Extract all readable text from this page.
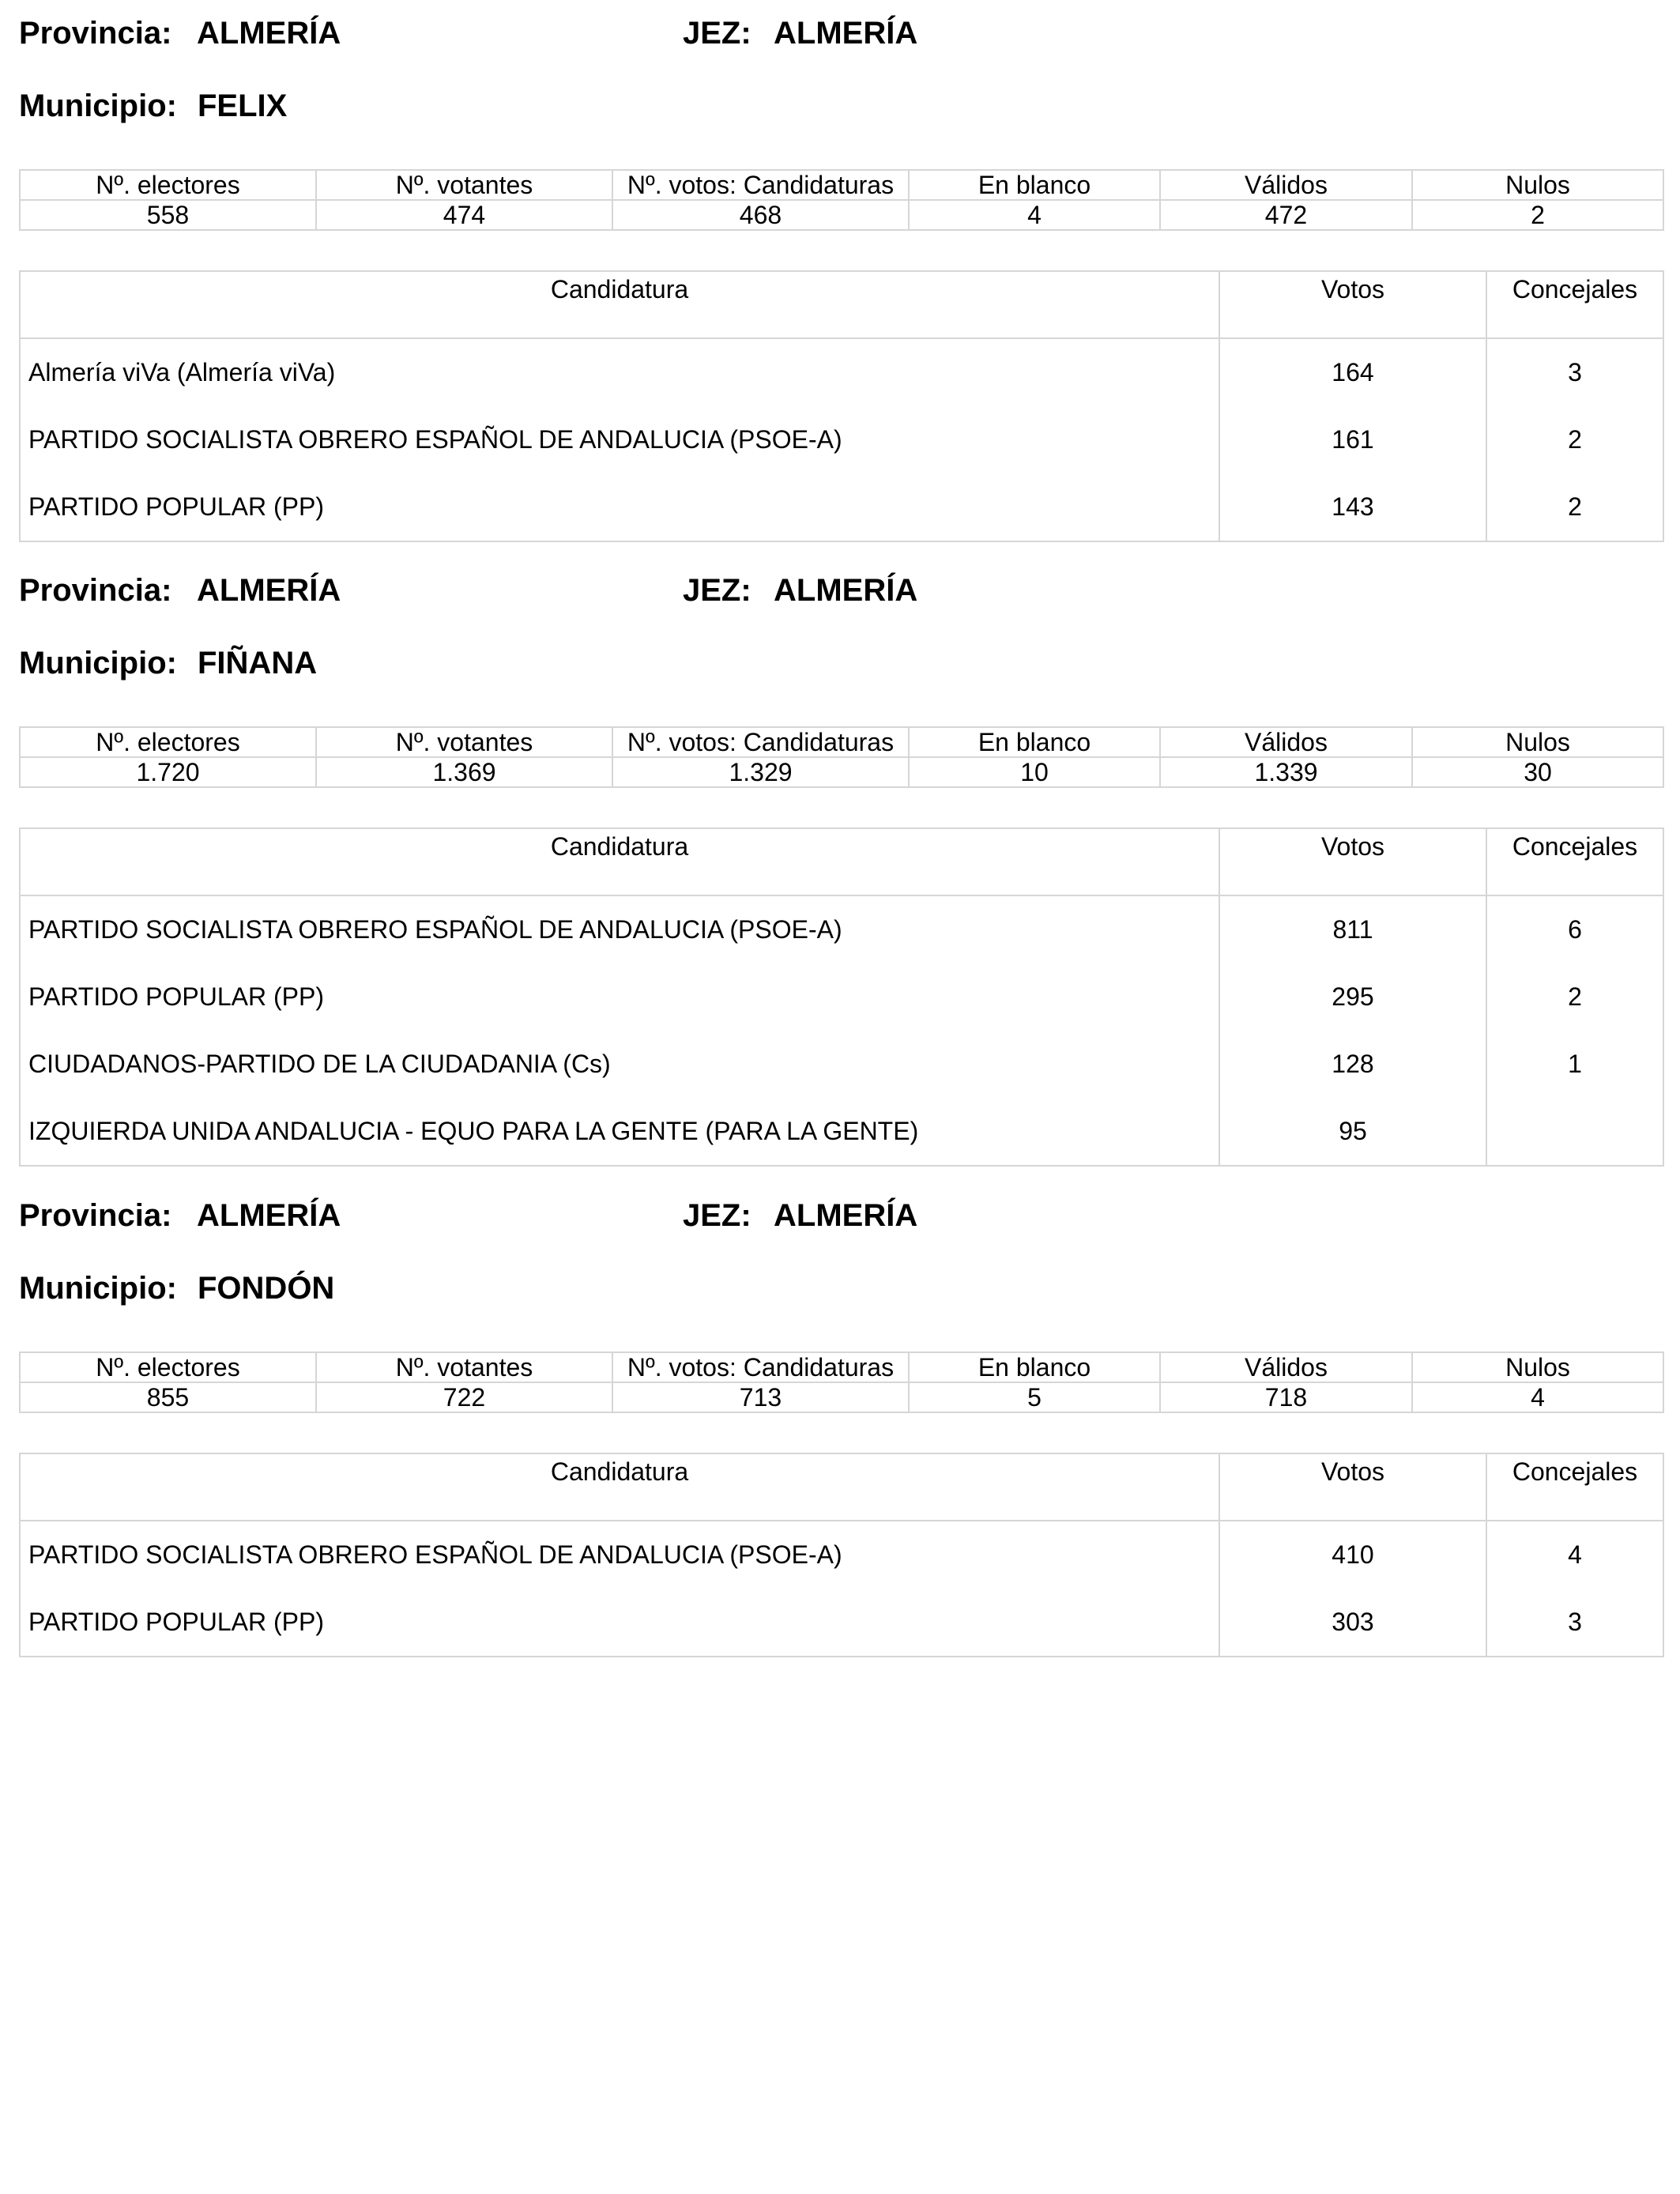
Provincia: ALMERÍA	JEZ: ALMERÍA
Municipio: FELIX
Nº. electores	Nº. votantes	Nº. votos: Candidaturas	En blanco	Válidos	Nulos
558	474	468	4	472	2
Candidatura	Votos	Concejales
Almería viVa (Almería viVa)	164	3
PARTIDO SOCIALISTA OBRERO ESPAÑOL DE ANDALUCIA (PSOE-A)	161	2
PARTIDO POPULAR (PP)	143	2
Provincia: ALMERÍA	JEZ: ALMERÍA
Municipio: FIÑANA
Nº. electores	Nº. votantes	Nº. votos: Candidaturas	En blanco	Válidos	Nulos
1.720	1.369	1.329	10	1.339	30
Candidatura	Votos	Concejales
PARTIDO SOCIALISTA OBRERO ESPAÑOL DE ANDALUCIA (PSOE-A)	811	6
PARTIDO POPULAR (PP)	295	2
CIUDADANOS-PARTIDO DE LA CIUDADANIA (Cs)	128	1
IZQUIERDA UNIDA ANDALUCIA - EQUO PARA LA GENTE (PARA LA GENTE)	95	
Provincia: ALMERÍA	JEZ: ALMERÍA
Municipio: FONDÓN
Nº. electores	Nº. votantes	Nº. votos: Candidaturas	En blanco	Válidos	Nulos
855	722	713	5	718	4
Candidatura	Votos	Concejales
PARTIDO SOCIALISTA OBRERO ESPAÑOL DE ANDALUCIA (PSOE-A)	410	4
PARTIDO POPULAR (PP)	303	3
